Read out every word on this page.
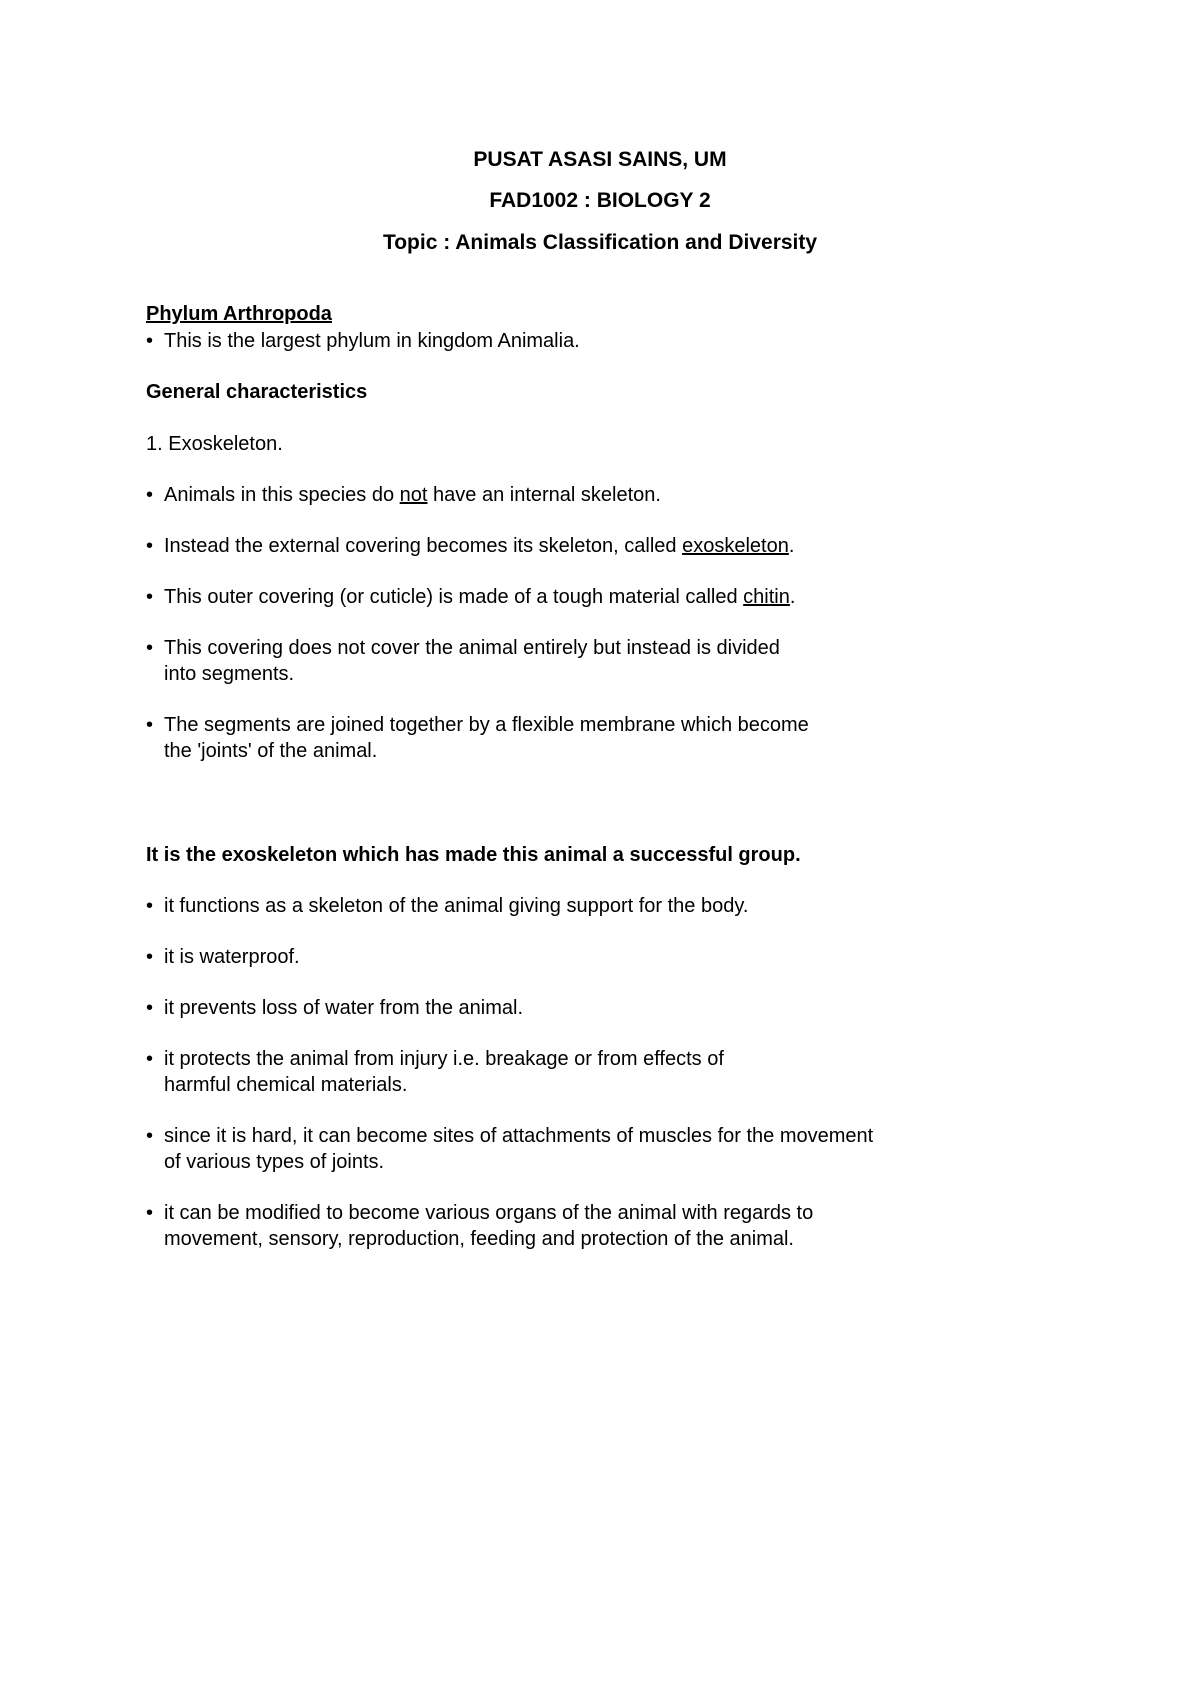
PUSAT ASASI SAINS, UM
FAD1002 : BIOLOGY 2
Topic : Animals Classification and Diversity
Phylum Arthropoda
• This is the largest phylum in kingdom Animalia.
General characteristics
1. Exoskeleton.
• Animals in this species do not have an internal skeleton.
• Instead the external covering becomes its skeleton, called exoskeleton.
• This outer covering (or cuticle) is made of a tough material called chitin.
• This covering does not cover the animal entirely but instead is divided
into segments.
• The segments are joined together by a flexible membrane which become
the 'joints' of the animal.
It is the exoskeleton which has made this animal a successful group.
• it functions as a skeleton of the animal giving support for the body.
• it is waterproof.
• it prevents loss of water from the animal.
• it protects the animal from injury i.e. breakage or from effects of
harmful chemical materials.
• since it is hard, it can become sites of attachments of muscles for the movement
of various types of joints.
• it can be modified to become various organs of the animal with regards to
movement, sensory, reproduction, feeding and protection of the animal.
